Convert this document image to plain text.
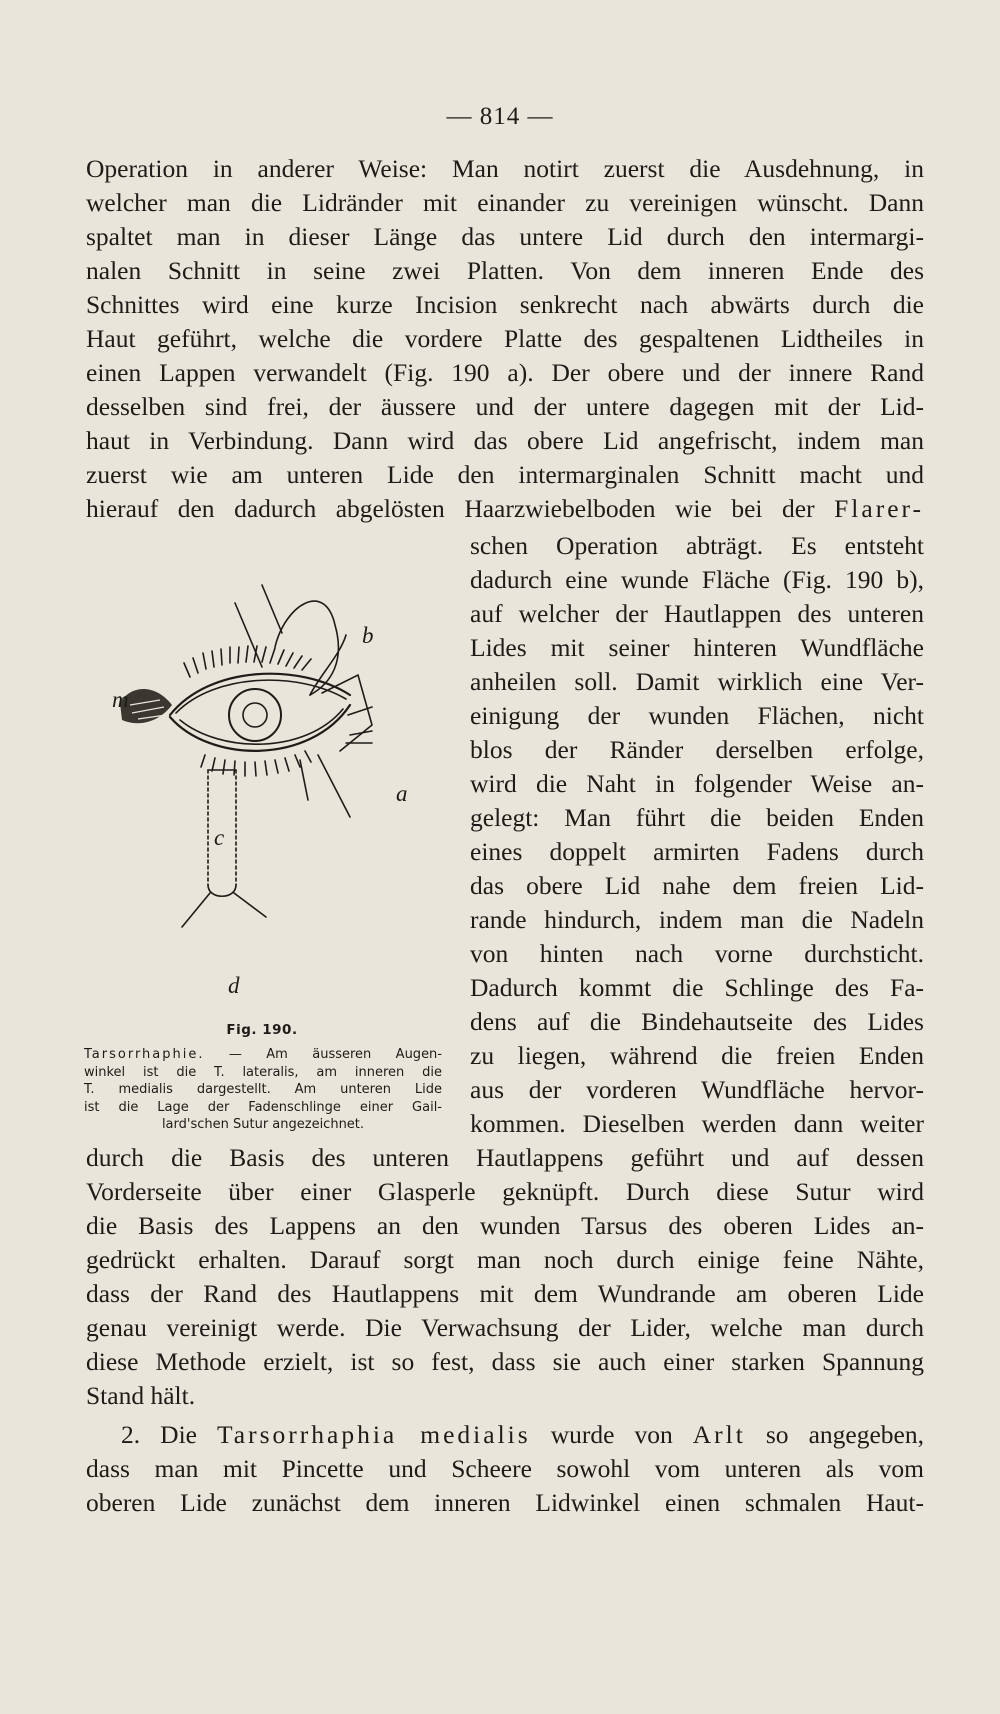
— 814 —
Operation in anderer Weise: Man notirt zuerst die Ausdehnung, in
welcher man die Lidränder mit einander zu vereinigen wünscht. Dann
spaltet man in dieser Länge das untere Lid durch den intermargi-
nalen Schnitt in seine zwei Platten. Von dem inneren Ende des
Schnittes wird eine kurze Incision senkrecht nach abwärts durch die
Haut geführt, welche die vordere Platte des gespaltenen Lidtheiles in
einen Lappen verwandelt (Fig. 190 a). Der obere und der innere Rand
desselben sind frei, der äussere und der untere dagegen mit der Lid-
haut in Verbindung. Dann wird das obere Lid angefrischt, indem man
zuerst wie am unteren Lide den intermarginalen Schnitt macht und
hierauf den dadurch abgelösten Haarzwiebelboden wie bei der Flarer-
schen Operation abträgt. Es entsteht
dadurch eine wunde Fläche (Fig. 190 b),
auf welcher der Hautlappen des unteren
Lides mit seiner hinteren Wundfläche
anheilen soll. Damit wirklich eine Ver-
einigung der wunden Flächen, nicht
blos der Ränder derselben erfolge,
wird die Naht in folgender Weise an-
gelegt: Man führt die beiden Enden
eines doppelt armirten Fadens durch
das obere Lid nahe dem freien Lid-
rande hindurch, indem man die Nadeln
von hinten nach vorne durchsticht.
Dadurch kommt die Schlinge des Fa-
dens auf die Bindehautseite des Lides
zu liegen, während die freien Enden
aus der vorderen Wundfläche hervor-
kommen. Dieselben werden dann weiter
durch die Basis des unteren Hautlappens geführt und auf dessen
Vorderseite über einer Glasperle geknüpft. Durch diese Sutur wird
die Basis des Lappens an den wunden Tarsus des oberen Lides an-
gedrückt erhalten. Darauf sorgt man noch durch einige feine Nähte,
dass der Rand des Hautlappens mit dem Wundrande am oberen Lide
genau vereinigt werde. Die Verwachsung der Lider, welche man durch
diese Methode erzielt, ist so fest, dass sie auch einer starken Spannung
Stand hält.
2. Die Tarsorrhaphia medialis wurde von Arlt so angegeben,
dass man mit Pincette und Scheere sowohl vom unteren als vom
oberen Lide zunächst dem inneren Lidwinkel einen schmalen Haut-
m
b
a
c
d
Fig. 190.
Tarsorrhaphie. — Am äusseren Augen-
winkel ist die T. lateralis, am inneren die
T. medialis dargestellt. Am unteren Lide
ist die Lage der Fadenschlinge einer Gail-
lard'schen Sutur angezeichnet.
